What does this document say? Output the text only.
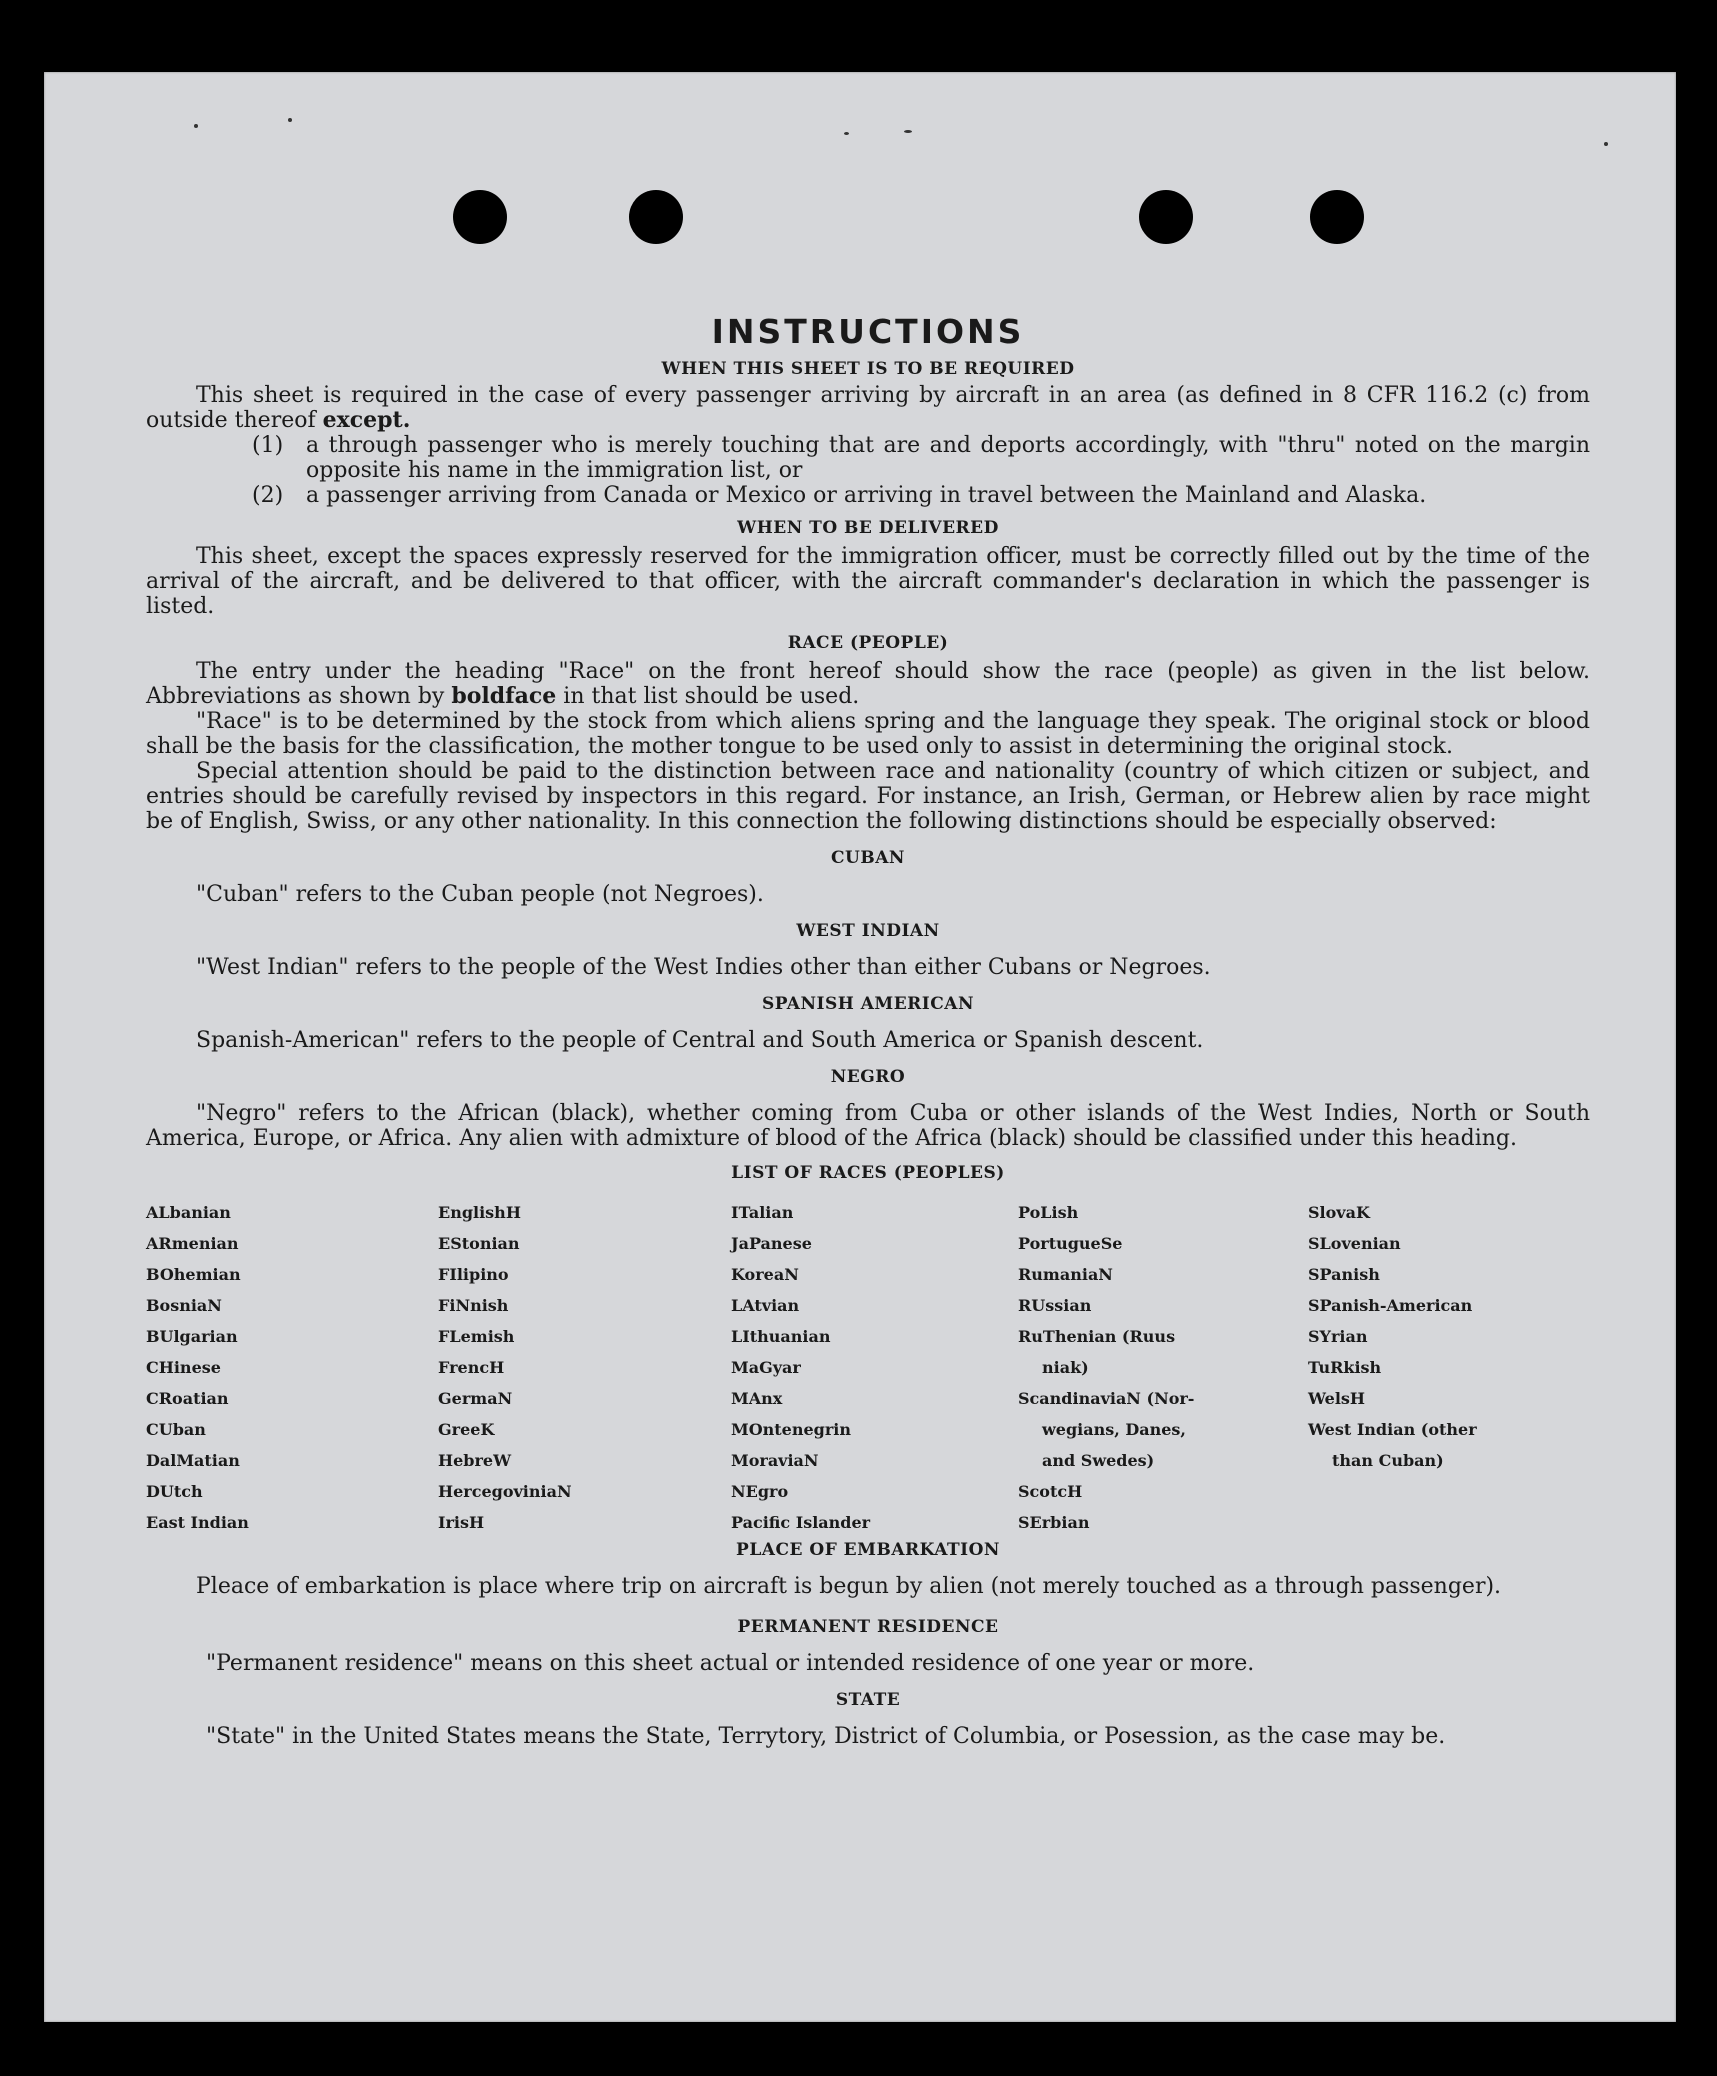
INSTRUCTIONS
WHEN THIS SHEET IS TO BE REQUIRED

This sheet is required in the case of every passenger arriving by aircraft in an area (as defined in 8 CFR 116.2 (c) from outside thereof except.

(1)	a through passenger who is merely touching that are and deports accordingly, with "thru" noted on the margin opposite his name in the immigration list, or
(2)	a passenger arriving from Canada or Mexico or arriving in travel between the Mainland and Alaska.
WHEN TO BE DELIVERED

This sheet, except the spaces expressly reserved for the immigration officer, must be correctly filled out by the time of the arrival of the aircraft, and be delivered to that officer, with the aircraft commander's declaration in which the passenger is listed.

RACE (PEOPLE)

The entry under the heading "Race" on the front hereof should show the race (people) as given in the list below. Abbreviations as shown by boldface in that list should be used.

"Race" is to be determined by the stock from which aliens spring and the language they speak. The original stock or blood shall be the basis for the classification, the mother tongue to be used only to assist in determining the original stock.

Special attention should be paid to the distinction between race and nationality (country of which citizen or subject, and entries should be carefully revised by inspectors in this regard. For instance, an Irish, German, or Hebrew alien by race might be of English, Swiss, or any other nationality. In this connection the following distinctions should be especially observed:

CUBAN
"Cuban" refers to the Cuban people (not Negroes).
WEST INDIAN
"West Indian" refers to the people of the West Indies other than either Cubans or Negroes.
SPANISH AMERICAN
Spanish-American" refers to the people of Central and South America or Spanish descent.
NEGRO

"Negro" refers to the African (black), whether coming from Cuba or other islands of the West Indies, North or South America, Europe, or Africa. Any alien with admixture of blood of the Africa (black) should be classified under this heading.

LIST OF RACES (PEOPLES)
ALbanian
ARmenian
BOhemian
BosniaN
BUlgarian
CHinese
CRoatian
CUban
DalMatian
DUtch
East Indian
EnglishH
EStonian
FIlipino
FiNnish
FLemish
FrencH
GermaN
GreeK
HebreW
HercegoviniaN
IrisH
ITalian
JaPanese
KoreaN
LAtvian
LIthuanian
MaGyar
MAnx
MOntenegrin
MoraviaN
NEgro
Pacific Islander
PoLish
PortugueSe
RumaniaN
RUssian
RuThenian (Ruus
niak)
ScandinaviaN (Nor-
wegians, Danes,
and Swedes)
ScotcH
SErbian
SlovaK
SLovenian
SPanish
SPanish-American
SYrian
TuRkish
WelsH
West Indian (other
than Cuban)
PLACE OF EMBARKATION

Pleace of embarkation is place where trip on aircraft is begun by alien (not merely touched as a through passenger).

PERMANENT RESIDENCE
"Permanent residence" means on this sheet actual or intended residence of one year or more.
STATE
"State" in the United States means the State, Terrytory, District of Columbia, or Posession, as the case may be.
